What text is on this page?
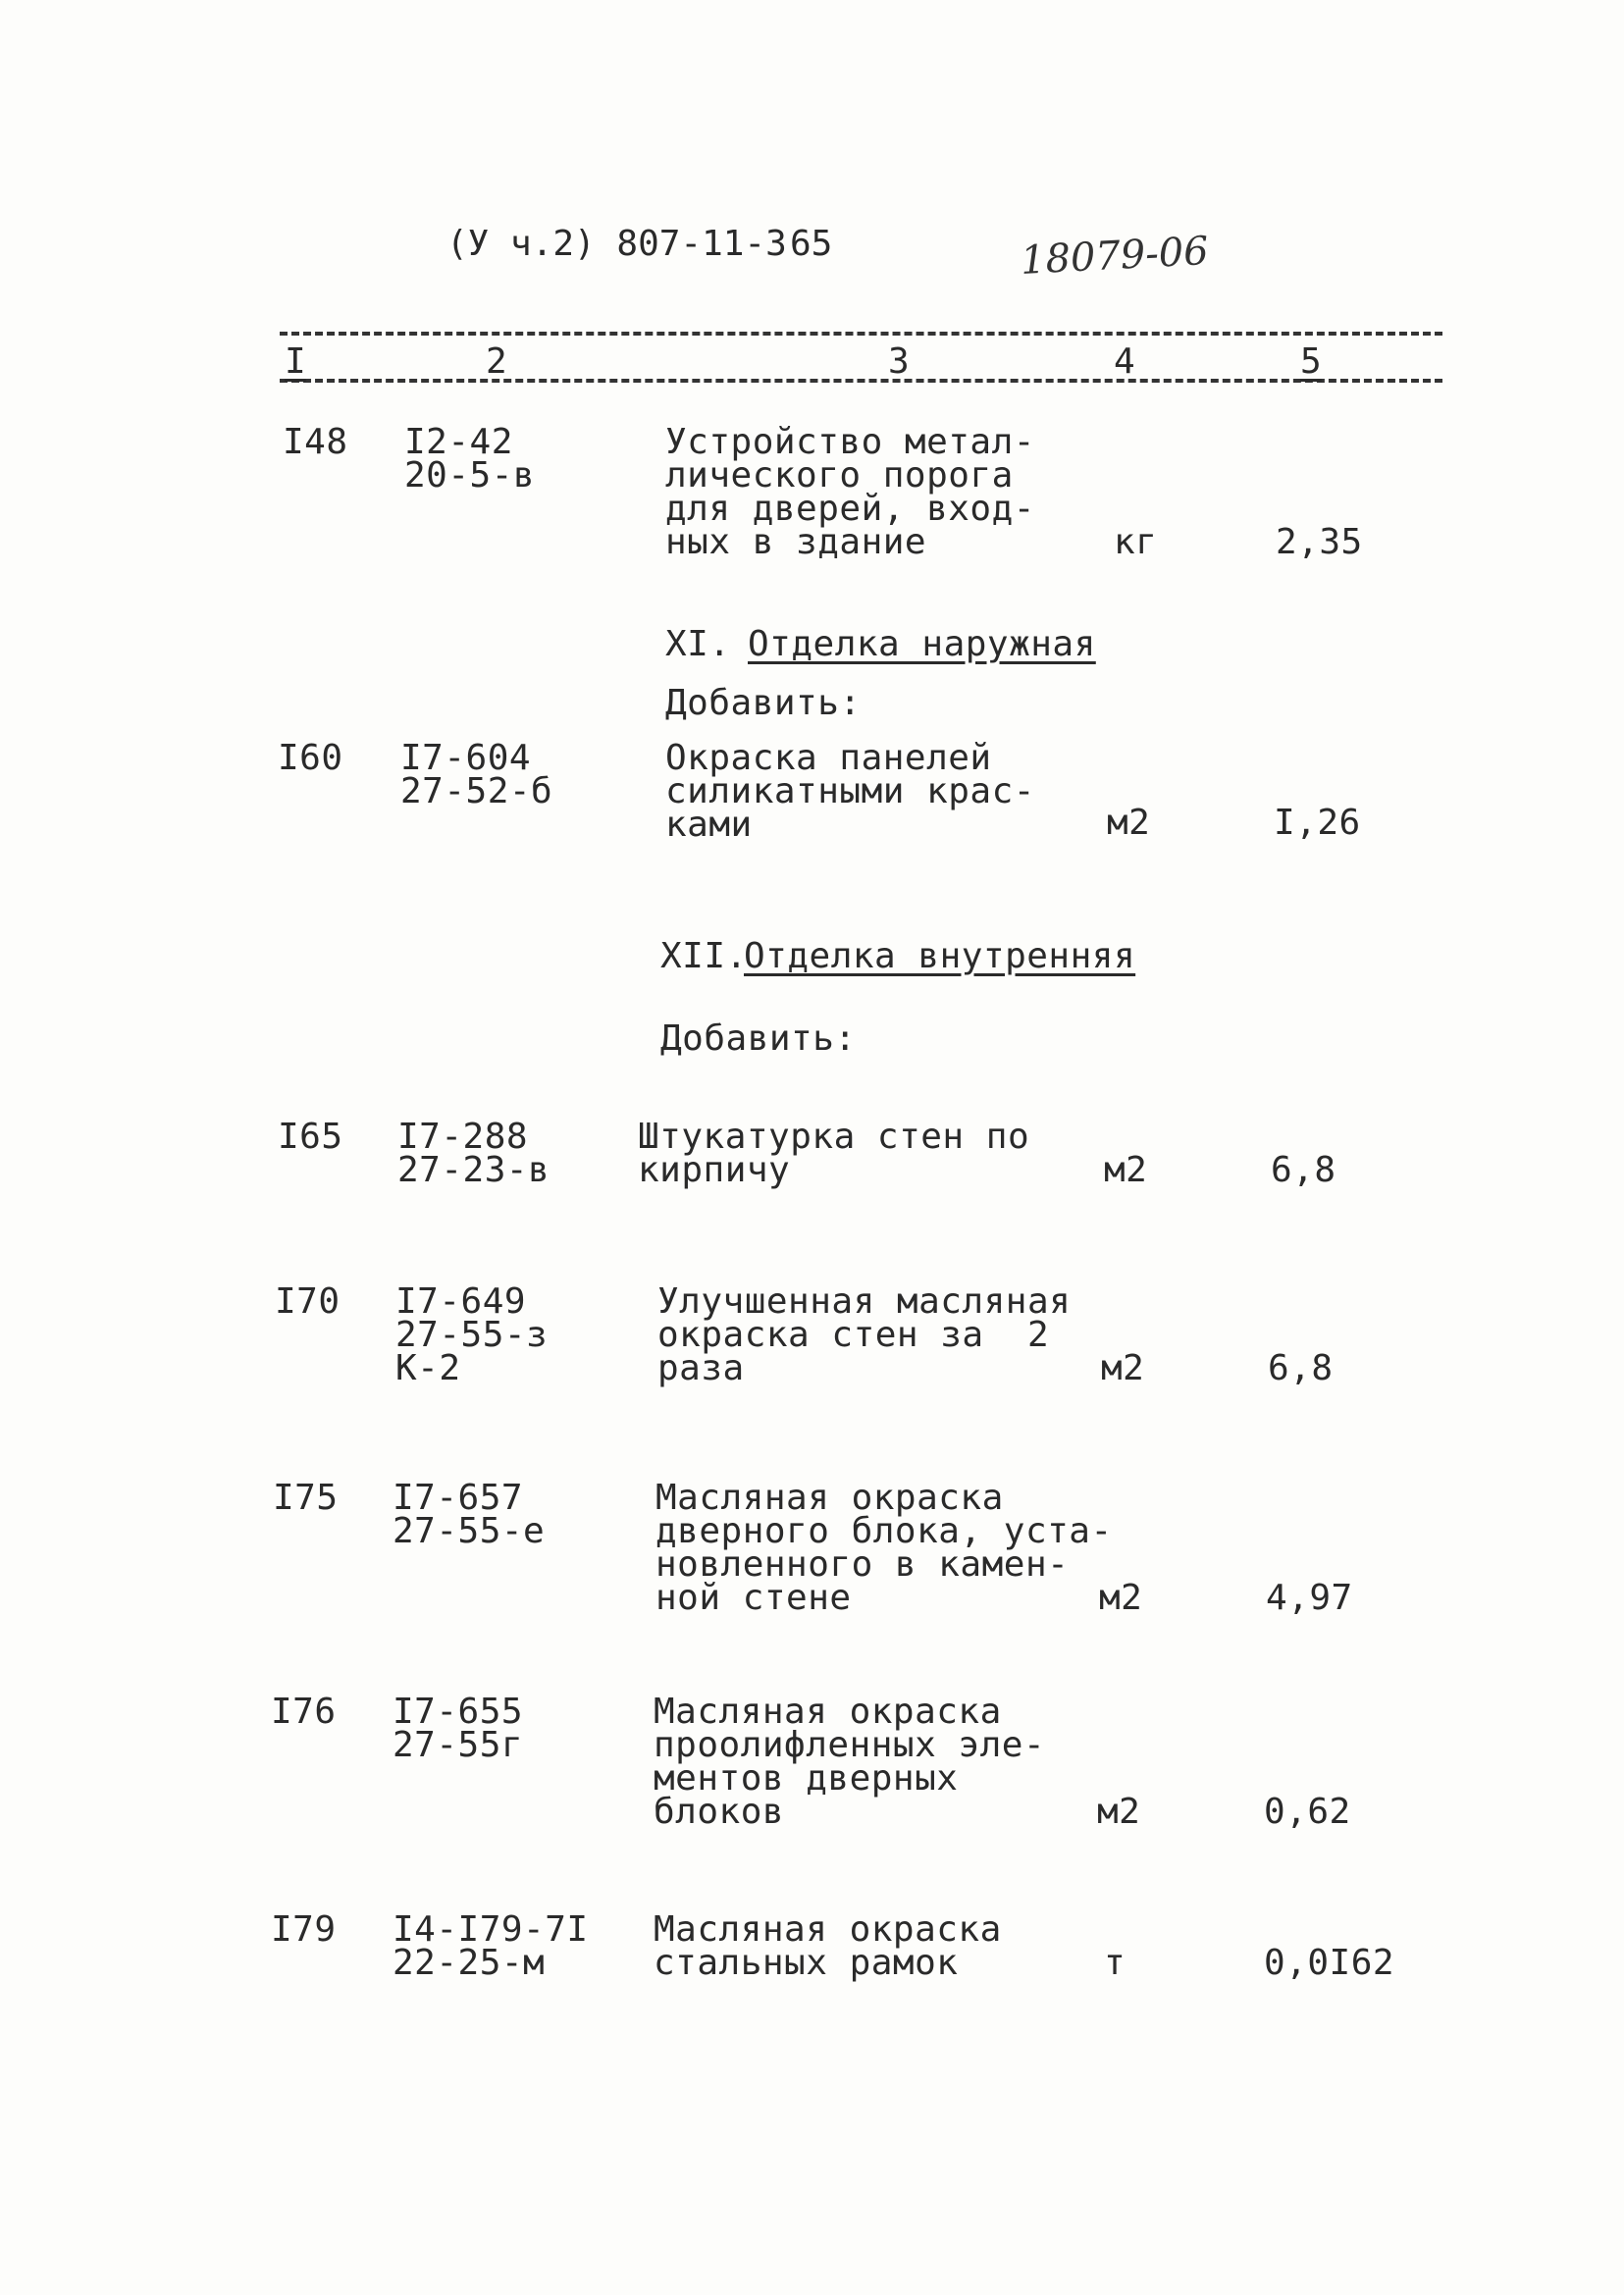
(У ч.2) 807-11-3 65	18079-06
I	2	3	4	5
I48 I2-42
20-5-в
Устройство метал-
лического порога
для дверей, вход-
ных в здание	кг	2,35
XI. Отделка наружная
Добавить:
I60 I7-604
27-52-б
Окраска панелей
силикатными крас-
ками	м2	I,26
XII.
Отделка внутренняя
Добавить:
I65 I7-288
27-23-в
Штукатурка стен по
кирпичу	м2	6,8
I70 I7-649
27-55-з
К-2
Улучшенная масляная
окраска стен за  2
раза	м2	6,8
I75 I7-657
27-55-е
Масляная окраска
дверного блока, уста-
новленного в камен-
ной стене	м2	4,97
I76 I7-655
27-55г
Масляная окраска
проолифленных эле-
ментов дверных
блоков	м2	0,62
I79 I4-I79-7I
22-25-м
Масляная окраска
стальных рамок	т	0,0I62
